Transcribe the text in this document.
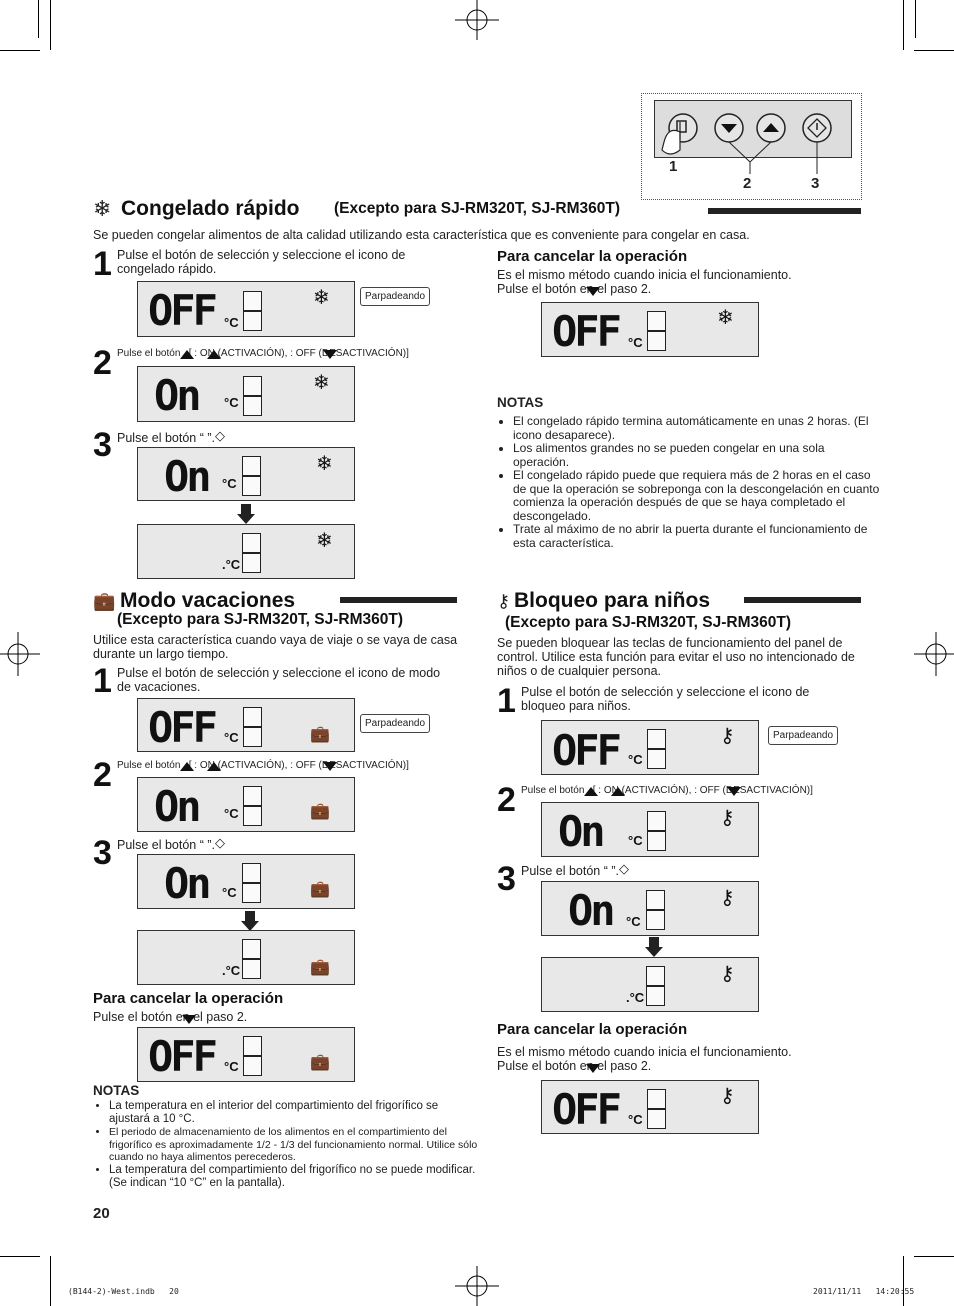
1
2	3
❄ Congelado rápido (Excepto para SJ-RM320T, SJ-RM360T)
Se pueden congelar alimentos de alta calidad utilizando esta característica que es conveniente para congelar en casa.
1 Pulse el botón de selección y seleccione el icono de congelado rápido.
OFF °C
❄	Parpadeando
2 Pulse el botón . [ : ON (ACTIVACIÓN), : OFF (DESACTIVACIÓN)]
On °C
❄
3 Pulse el botón “ ”. ◇
On °C
❄
.°C
❄
Para cancelar la operación
Es el mismo método cuando inicia el funcionamiento.
Pulse el botón en el paso 2.
OFF °C
❄
NOTAS
• El congelado rápido termina automáticamente en unas 2 horas. (El icono desaparece).
• Los alimentos grandes no se pueden congelar en una sola operación.
• El congelado rápido puede que requiera más de 2 horas en el caso de que la operación se sobreponga con la descongelación en cuanto comienza la operación después de que se haya completado el descongelado.
• Trate al máximo de no abrir la puerta durante el funcionamiento de esta característica.
💼 Modo vacaciones
(Excepto para SJ-RM320T, SJ-RM360T)
Utilice esta característica cuando vaya de viaje o se vaya de casa durante un largo tiempo.
1 Pulse el botón de selección y seleccione el icono de modo de vacaciones.
OFF °C	💼
Parpadeando
2 Pulse el botón . [ : ON (ACTIVACIÓN), : OFF (DESACTIVACIÓN)]
On °C	💼
3 Pulse el botón “ ”. ◇
On °C	💼
.°C	💼
Para cancelar la operación
Pulse el botón en el paso 2.
OFF °C	💼
NOTAS
• La temperatura en el interior del compartimiento del frigorífico se ajustará a 10 °C.
• El periodo de almacenamiento de los alimentos en el compartimiento del frigorífico es aproximadamente 1/2 - 1/3 del funcionamiento normal. Utilice sólo cuando no haya alimentos perecederos.
• La temperatura del compartimiento del frigorífico no se puede modificar. (Se indican “10 °C” en la pantalla).
⚷ Bloqueo para niños
(Excepto para SJ-RM320T, SJ-RM360T)
Se pueden bloquear las teclas de funcionamiento del panel de control. Utilice esta función para evitar el uso no intencionado de niños o de cualquier persona.
1 Pulse el botón de selección y seleccione el icono de bloqueo para niños.
OFF °C
⚷	Parpadeando
2 Pulse el botón . [ : ON (ACTIVACIÓN), : OFF (DESACTIVACIÓN)]
On °C
⚷
3 Pulse el botón “ ”. ◇
On °C
⚷
.°C
⚷
Para cancelar la operación
Es el mismo método cuando inicia el funcionamiento.
Pulse el botón en el paso 2.
OFF °C
⚷
20
(B144-2)-West.indb   20	2011/11/11   14:20:55
